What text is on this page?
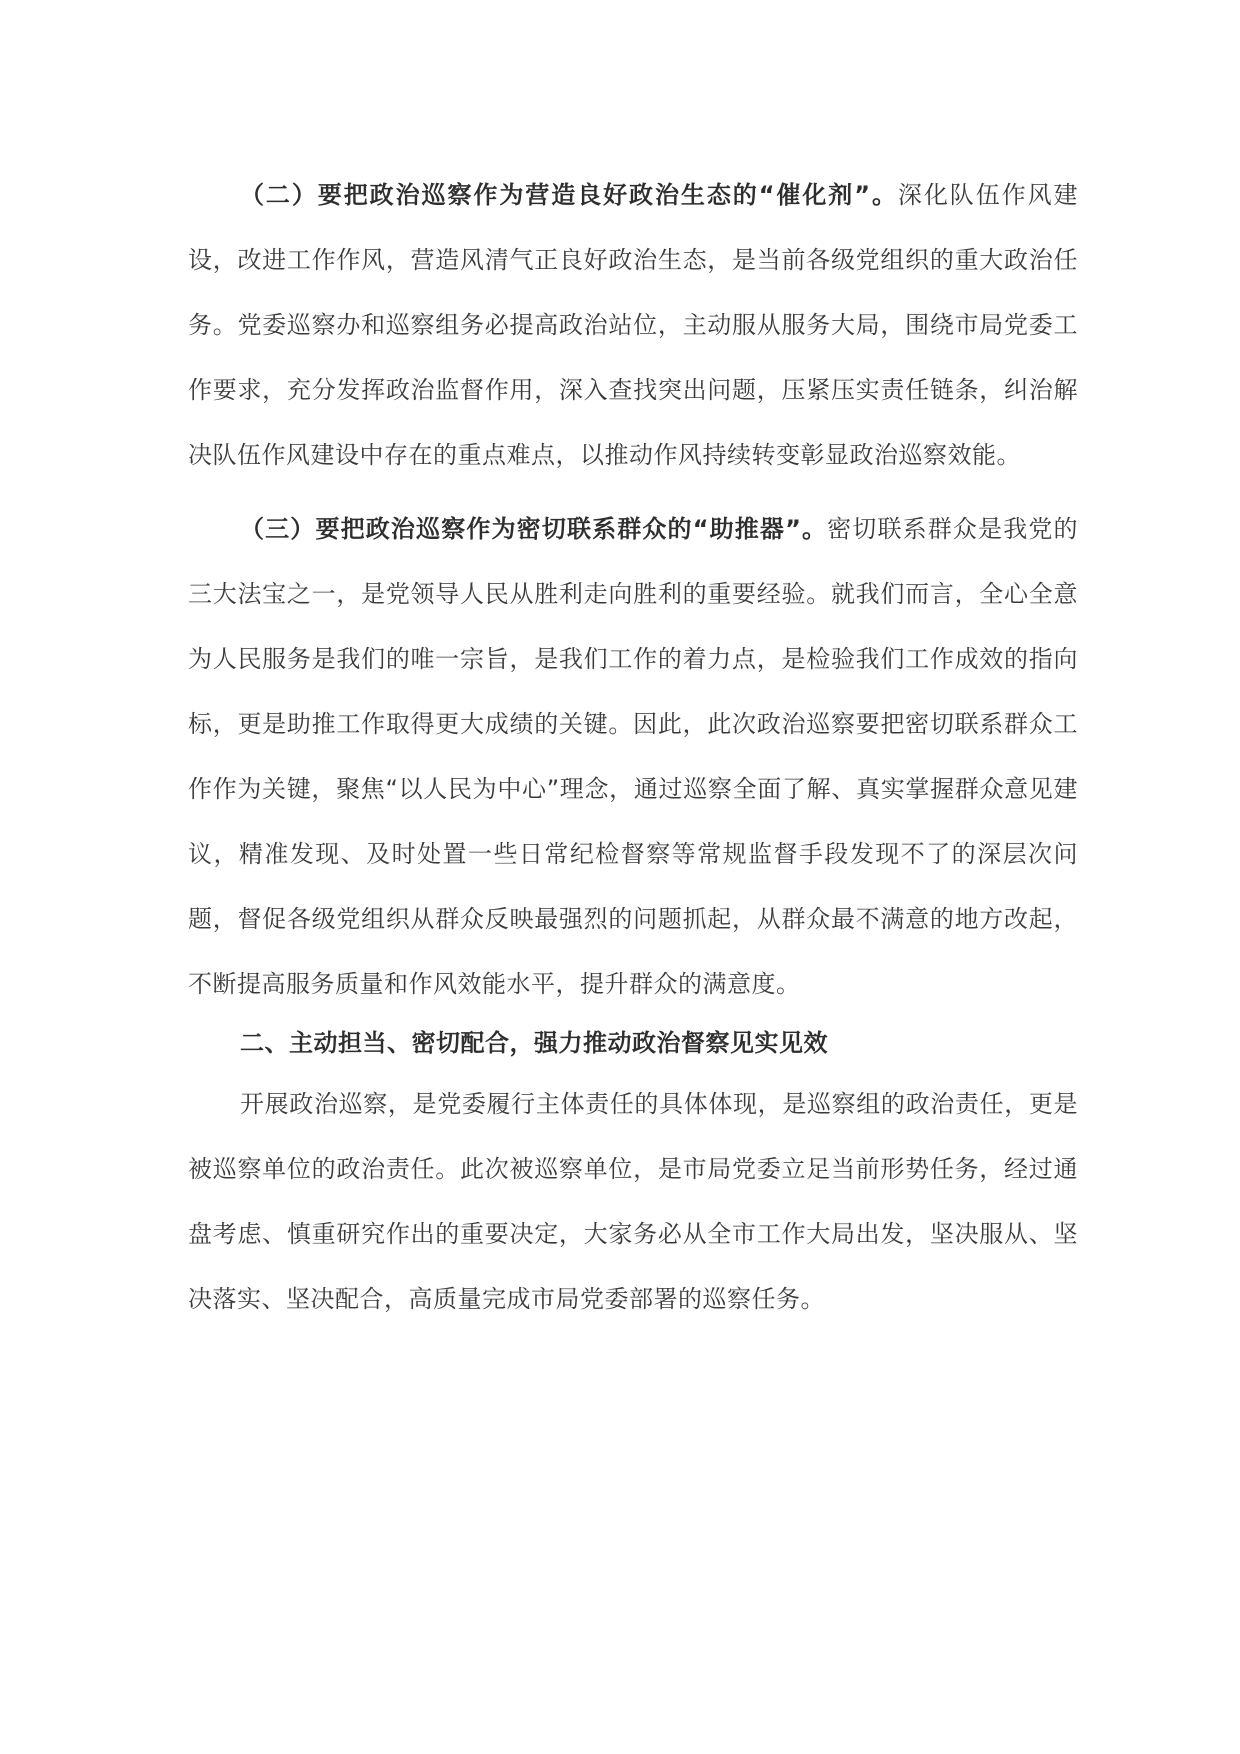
（二）要把政治巡察作为营造良好政治生态的“催化剂”。深化队伍作风建设，改进工作作风，营造风清气正良好政治生态，是当前各级党组织的重大政治任务。党委巡察办和巡察组务必提高政治站位，主动服从服务大局，围绕市局党委工作要求，充分发挥政治监督作用，深入查找突出问题，压紧压实责任链条，纠治解决队伍作风建设中存在的重点难点，以推动作风持续转变彰显政治巡察效能。

（三）要把政治巡察作为密切联系群众的“助推器”。密切联系群众是我党的三大法宝之一，是党领导人民从胜利走向胜利的重要经验。就我们而言，全心全意为人民服务是我们的唯一宗旨，是我们工作的着力点，是检验我们工作成效的指向标，更是助推工作取得更大成绩的关键。因此，此次政治巡察要把密切联系群众工作作为关键，聚焦“以人民为中心”理念，通过巡察全面了解、真实掌握群众意见建议，精准发现、及时处置一些日常纪检督察等常规监督手段发现不了的深层次问题，督促各级党组织从群众反映最强烈的问题抓起，从群众最不满意的地方改起，不断提高服务质量和作风效能水平，提升群众的满意度。

二、主动担当、密切配合，强力推动政治督察见实见效

开展政治巡察，是党委履行主体责任的具体体现，是巡察组的政治责任，更是被巡察单位的政治责任。此次被巡察单位，是市局党委立足当前形势任务，经过通盘考虑、慎重研究作出的重要决定，大家务必从全市工作大局出发，坚决服从、坚决落实、坚决配合，高质量完成市局党委部署的巡察任务。
